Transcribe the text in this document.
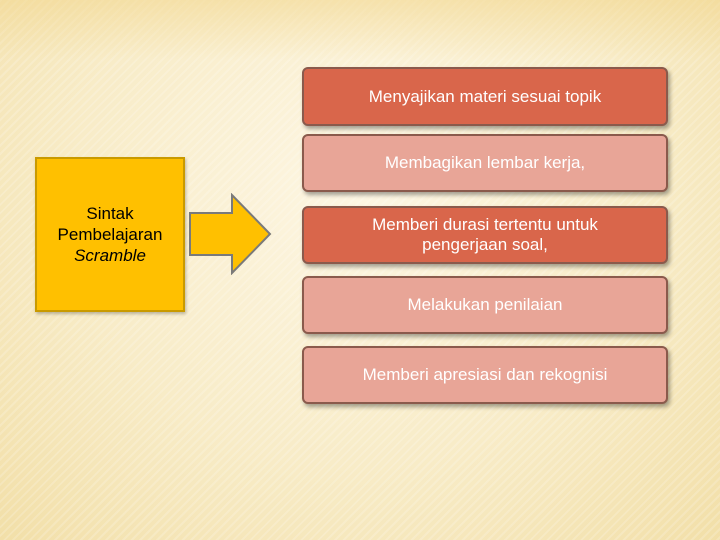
Sintak
Pembelajaran
Scramble
Menyajikan materi sesuai topik
Membagikan lembar kerja,
Memberi durasi tertentu untuk pengerjaan soal,
Melakukan penilaian
Memberi apresiasi dan rekognisi
